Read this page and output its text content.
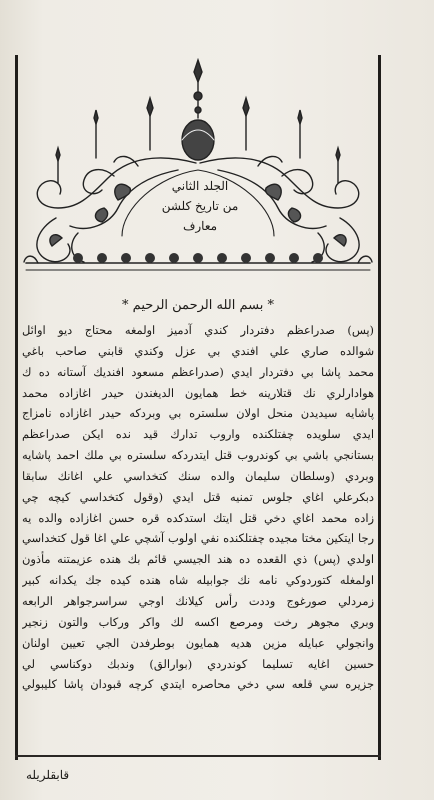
الجلد الثاني
من تاريخ كلشن
معارف
* بسم الله الرحمن الرحيم *
(پس) صدراعظم دفتردار كندي آدميز اولمغه محتاج ديو اوائل
شوالده صاري علي افندي بي عزل وكندي قابني صاحب باغي
محمد پاشا بي دفتردار ايدي (صدراعظم مسعود افنديك آستانه ده ك
هوادارلري نك قتلارينه خط همايون الديغندن حيدر اغازاده محمد
پاشايه سيديدن منحل اولان سلستره بي وبردكه حيدر اغازاده نامزاج
ايدي سلويده چفتلكنده واروب تدارك قيد نده ايكن صدراعظم
بستانجي باشي بي كوندروب قتل ايتدردكه سلستره بي ملك احمد پاشايه
وبردي (وسلطان سليمان والده سنك كتخداسي علي اغانك سابقا
دبكرعلي اغاي جلوس تمنيه قتل ايدي (وقول كتخداسي كيچه چي
زاده محمد اغاي دخي قتل ايتك استدكده قره حسن اغازاده والده يه
رجا ايتكين مختا مجيده چفتلكنده نفي اولوب آشچي علي اغا قول كتخداسي
اولدي (پس) ذي القعده ده هند الجيسي قائم بك هنده عزيمتنه مأذون
اولمغله كتوردوكي نامه نك جوابيله شاه هنده كيده جك يكدانه كبير
زمردلي صورغوج وددت رأس كيلانك اوجي سراسرجواهر الرابعه
وبري مجوهر رخت ومرصع اكسه لك واكر وركاب والتون زنجير
وانجولي عبايله مزين هديه همايون بوطرفدن الجي تعيين اولنان
حسين اغايه تسليما كوندردي (بوارالق) وندبك دوكناسي لي
جزيره سي قلعه سي دخي محاصره ايتدي كرچه قبودان پاشا كليبولي
قابقلريله
